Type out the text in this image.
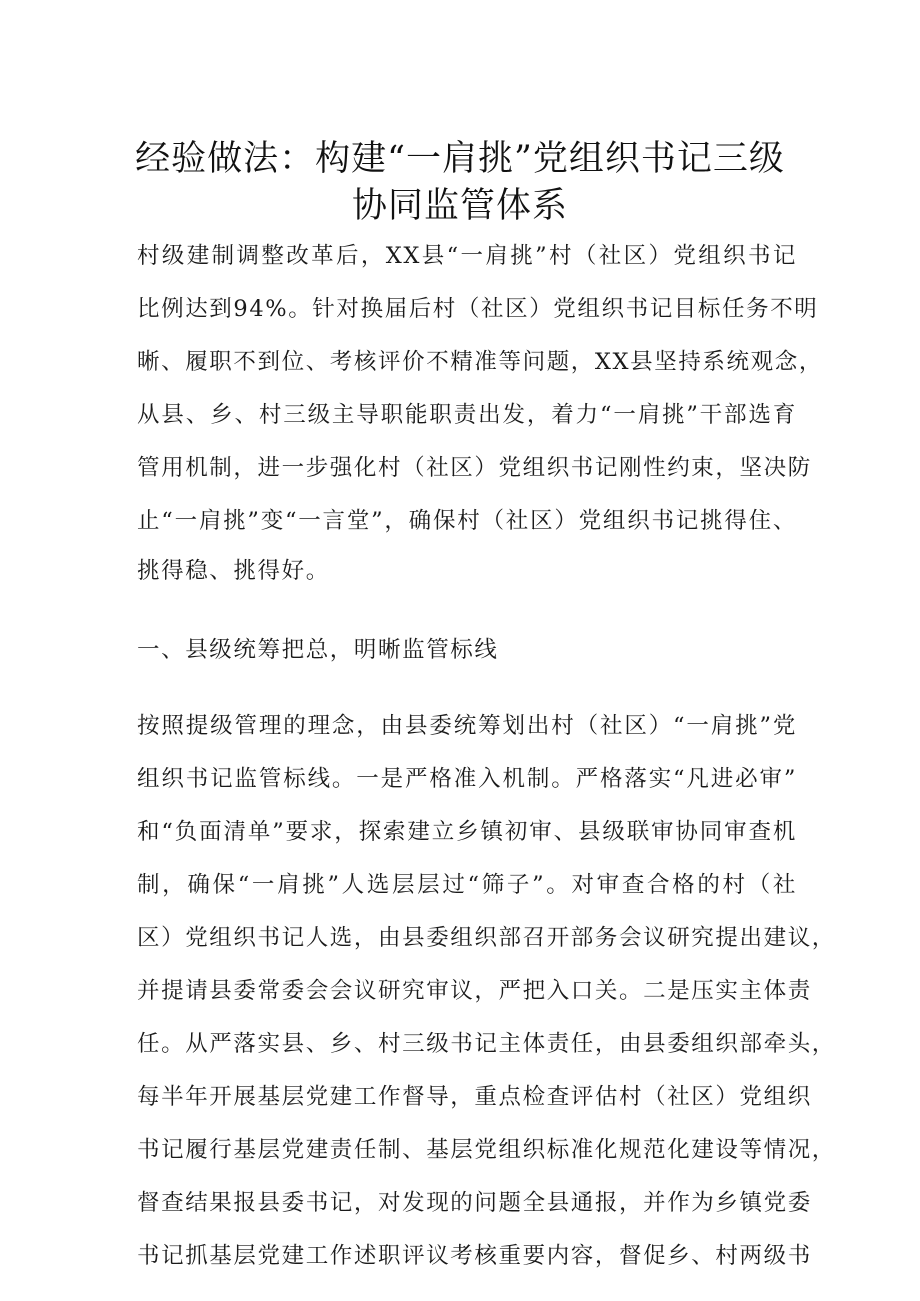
经验做法：构建“一肩挑”党组织书记三级
协同监管体系

村级建制调整改革后，XX县“一肩挑”村（社区）党组织书记

比例达到94%。针对换届后村（社区）党组织书记目标任务不明

晰、履职不到位、考核评价不精准等问题，XX县坚持系统观念，

从县、乡、村三级主导职能职责出发，着力“一肩挑”干部选育

管用机制，进一步强化村（社区）党组织书记刚性约束，坚决防

止“一肩挑”变“一言堂”，确保村（社区）党组织书记挑得住、

挑得稳、挑得好。

一、县级统筹把总，明晰监管标线

按照提级管理的理念，由县委统筹划出村（社区）“一肩挑”党

组织书记监管标线。一是严格准入机制。严格落实“凡进必审”

和“负面清单”要求，探索建立乡镇初审、县级联审协同审查机

制，确保“一肩挑”人选层层过“筛子”。对审查合格的村（社

区）党组织书记人选，由县委组织部召开部务会议研究提出建议，

并提请县委常委会会议研究审议，严把入口关。二是压实主体责

任。从严落实县、乡、村三级书记主体责任，由县委组织部牵头，

每半年开展基层党建工作督导，重点检查评估村（社区）党组织

书记履行基层党建责任制、基层党组织标准化规范化建设等情况，

督查结果报县委书记，对发现的问题全县通报，并作为乡镇党委

书记抓基层党建工作述职评议考核重要内容，督促乡、村两级书
